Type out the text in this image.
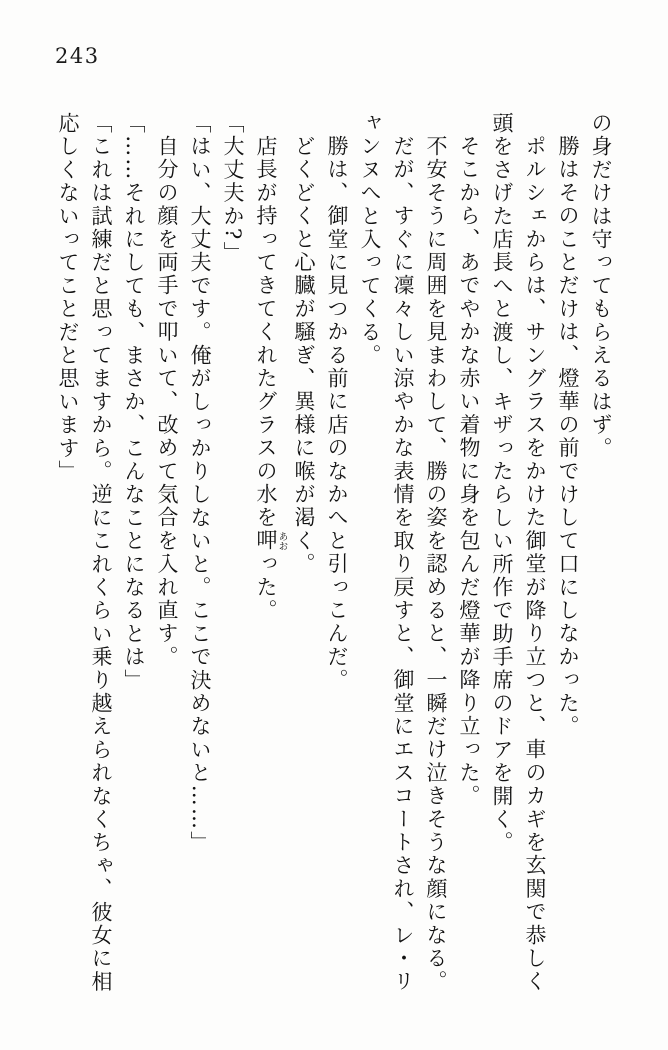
243

の身だけは守ってもらえるはず。

勝はそのことだけは、燈華の前でけして口にしなかった。

ポルシェからは、サングラスをかけた御堂が降り立つと、車のカギを玄関で恭しく頭をさげた店長へと渡し、キザったらしい所作で助手席のドアを開く。

そこから、あでやかな赤い着物に身を包んだ燈華が降り立った。

不安そうに周囲を見まわして、勝の姿を認めると、一瞬だけ泣きそうな顔になる。

だが、すぐに凜々しい涼やかな表情を取り戻すと、御堂にエスコートされ、レ・リャンヌへと入ってくる。

勝は、御堂に見つかる前に店のなかへと引っこんだ。

どくどくと心臓が騒ぎ、異様に喉が渇く。

店長が持ってきてくれたグラスの水を呷あおった。

「大丈夫か?」

「はい、大丈夫です。俺がしっかりしないと。ここで決めないと……」

自分の顔を両手で叩いて、改めて気合を入れ直す。

「……それにしても、まさか、こんなことになるとは」

「これは試練だと思ってますから。逆にこれくらい乗り越えられなくちゃ、彼女に相応しくないってことだと思います」
